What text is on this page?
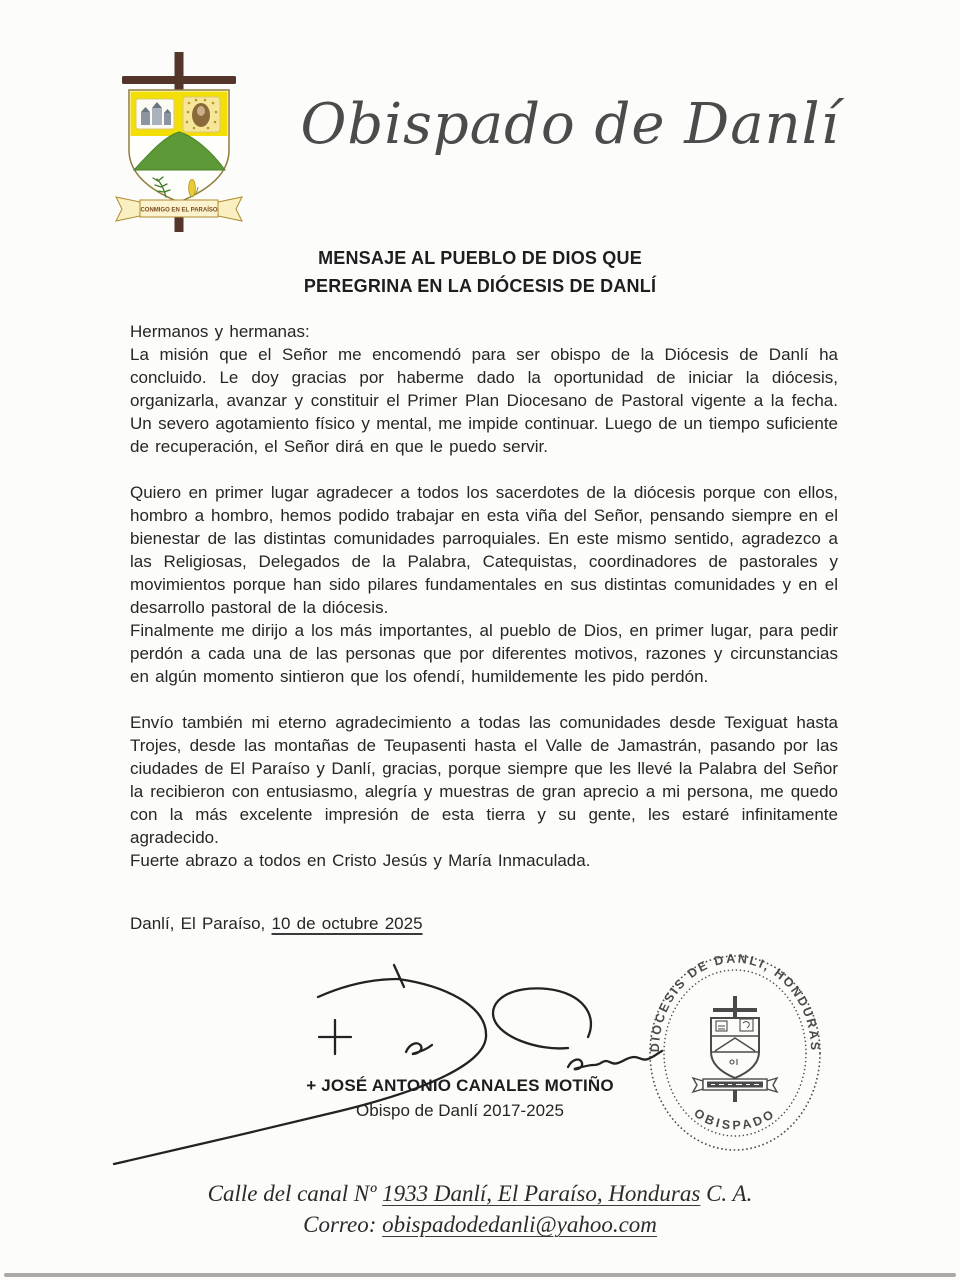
CONMIGO EN EL PARAÍSO
Obispado de Danlí
MENSAJE AL PUEBLO DE DIOS QUE
PEREGRINA EN LA DIÓCESIS DE DANLÍ

Hermanos y hermanas:

La misión que el Señor me encomendó para ser obispo de la Diócesis de Danlí ha concluido. Le doy gracias por haberme dado la oportunidad de iniciar la diócesis, organizarla, avanzar y constituir el Primer Plan Diocesano de Pastoral vigente a la fecha. Un severo agotamiento físico y mental, me impide continuar. Luego de un tiempo suficiente de recuperación, el Señor dirá en que le puedo servir.

Quiero en primer lugar agradecer a todos los sacerdotes de la diócesis porque con ellos, hombro a hombro, hemos podido trabajar en esta viña del Señor, pensando siempre en el bienestar de las distintas comunidades parroquiales. En este mismo sentido, agradezco a las Religiosas, Delegados de la Palabra, Catequistas, coordinadores de pastorales y movimientos porque han sido pilares fundamentales en sus distintas comunidades y en el desarrollo pastoral de la diócesis.

Finalmente me dirijo a los más importantes, al pueblo de Dios, en primer lugar, para pedir perdón a cada una de las personas que por diferentes motivos, razones y circunstancias en algún momento sintieron que los ofendí, humildemente les pido perdón.

Envío también mi eterno agradecimiento a todas las comunidades desde Texiguat hasta Trojes, desde las montañas de Teupasenti hasta el Valle de Jamastrán, pasando por las ciudades de El Paraíso y Danlí, gracias, porque siempre que les llevé la Palabra del Señor la recibieron con entusiasmo, alegría y muestras de gran aprecio a mi persona, me quedo con la más excelente impresión de esta tierra y su gente, les estaré infinitamente agradecido.

Fuerte abrazo a todos en Cristo Jesús y María Inmaculada.

Danlí, El Paraíso, 10 de octubre 2025
+ JOSÉ ANTONIO CANALES MOTIÑO
Obispo de Danlí 2017-2025
DIOCESIS DE DANLI, HONDURAS
OBISPADO
Calle del canal Nº 1933 Danlí, El Paraíso, Honduras C. A.
Correo: obispadodedanli@yahoo.com
